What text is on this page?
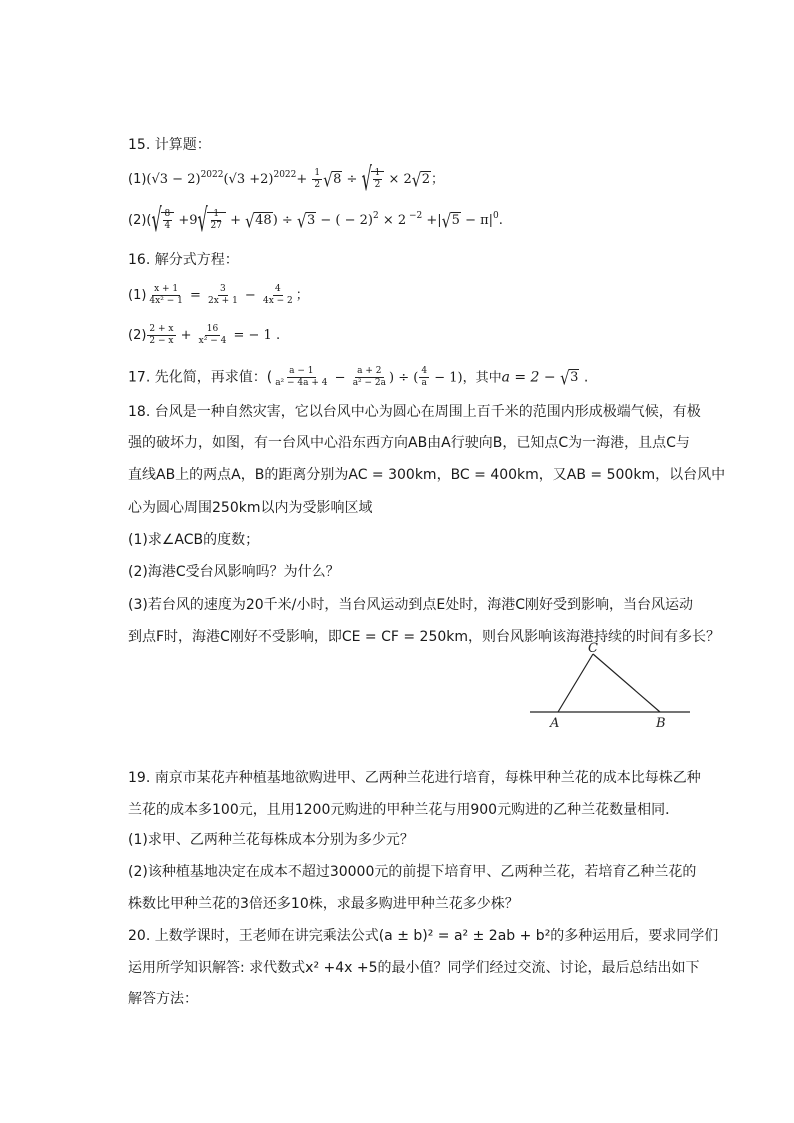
15. 计算题：
$(1)(√3 - 2)^{2022}(√3 +2)^{2022}+ \frac{1}{2}$
√ 8 ÷
√ $\frac{1}{2} \times 2√$ 2；
(2)(
√ $\frac{8}{4} +9$
√ $\frac{1}{27}$ + √ 48) ÷ √ 3 − ( − 2)$^2$ × 2 $^{-2}$ +|√ $5 - \pi|^0$.
16. 解分式方程：
$(1) \frac{x + 1}{\text{4x² − 1}} = \frac{3}{2x + 1} - \frac{4}{4x - 2}$ ；
$(2) \frac{2 + x}{2 - x} + \frac{16}{\text{x² − 4}}$ = − 1 .
17. 先化简，再求值：( $\frac{a - 1}{\text{a² − 4a + 4}} - \frac{a + 2}{\text{a² − 2a}}$ ) ÷ ( $\frac{4}{a} - 1$)，其中a = 2 − √ 3 .
18. 台风是一种自然灾害，它以台风中心为圆心在周围上百千米的范围内形成极端气候，有极
强的破坏力，如图，有一台风中心沿东西方向AB由A行驶向B，已知点C为一海港，且点C与
直线AB上的两点A，B的距离分别为AC = 300km，BC = 400km，又AB = 500km，以台风中
心为圆心周围250km以内为受影响区域
(1)求∠ACB的度数；
(2)海港C受台风影响吗？为什么？
(3)若台风的速度为20千米/小时，当台风运动到点E处时，海港C刚好受到影响，当台风运动
到点F时，海港C刚好不受影响，即CE = CF = 250km，则台风影响该海港持续的时间有多长？
C
A	B
19. 南京市某花卉种植基地欲购进甲、乙两种兰花进行培育，每株甲种兰花的成本比每株乙种
兰花的成本多100元，且用1200元购进的甲种兰花与用900元购进的乙种兰花数量相同．
(1)求甲、乙两种兰花每株成本分别为多少元？
(2)该种植基地决定在成本不超过30000元的前提下培育甲、乙两种兰花，若培育乙种兰花的
株数比甲种兰花的3倍还多10株，求最多购进甲种兰花多少株？
20. 上数学课时，王老师在讲完乘法公式(a ± b)² = a² ± 2ab + b²的多种运用后，要求同学们
运用所学知识解答: 求代数式x² +4x +5的最小值？同学们经过交流、讨论，最后总结出如下
解答方法：
